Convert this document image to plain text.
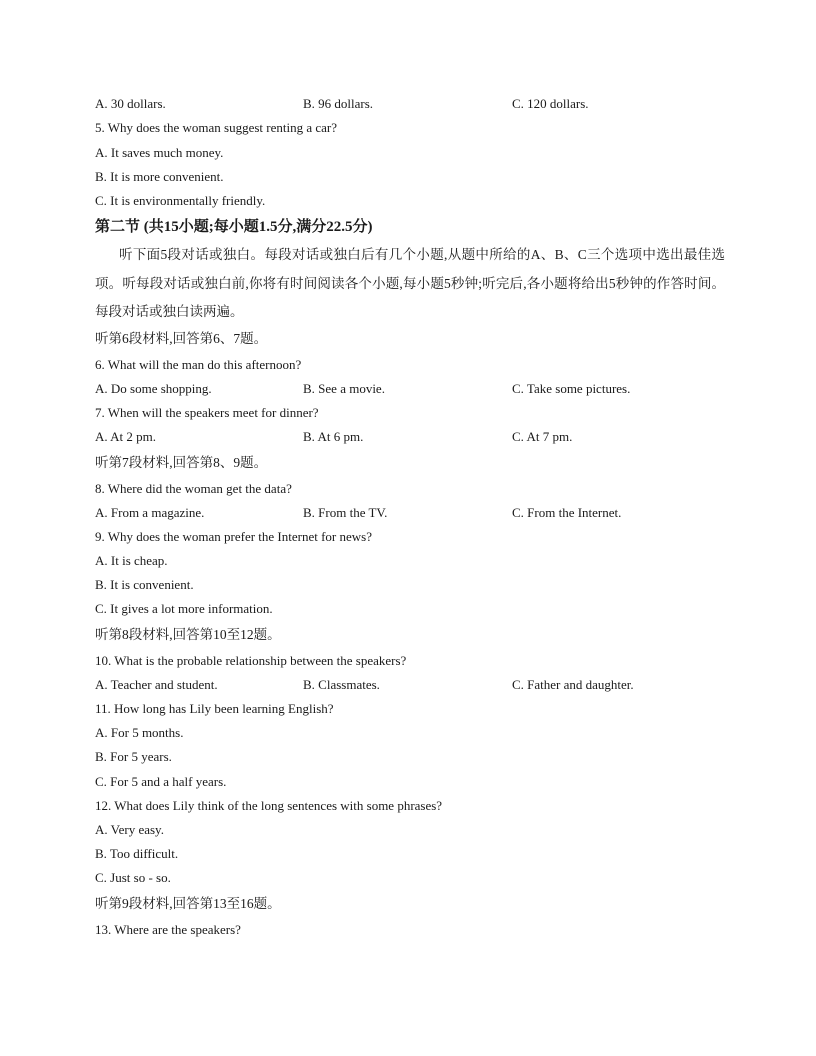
A. 30 dollars.	B. 96 dollars.	C. 120 dollars.
5. Why does the woman suggest renting a car?
A. It saves much money.
B. It is more convenient.
C. It is environmentally friendly.
第二节 (共15小题;每小题1.5分,满分22.5分)
听下面5段对话或独白。每段对话或独白后有几个小题,从题中所给的A、B、C三个选项中选出最佳选项。听每段对话或独白前,你将有时间阅读各个小题,每小题5秒钟;听完后,各小题将给出5秒钟的作答时间。每段对话或独白读两遍。
听第6段材料,回答第6、7题。
6. What will the man do this afternoon?
A. Do some shopping.	B. See a movie.	C. Take some pictures.
7. When will the speakers meet for dinner?
A. At 2 pm.	B. At 6 pm.	C. At 7 pm.
听第7段材料,回答第8、9题。
8. Where did the woman get the data?
A. From a magazine.	B. From the TV.	C. From the Internet.
9. Why does the woman prefer the Internet for news?
A. It is cheap.
B. It is convenient.
C. It gives a lot more information.
听第8段材料,回答第10至12题。
10. What is the probable relationship between the speakers?
A. Teacher and student.	B. Classmates.	C. Father and daughter.
11. How long has Lily been learning English?
A. For 5 months.
B. For 5 years.
C. For 5 and a half years.
12. What does Lily think of the long sentences with some phrases?
A. Very easy.
B. Too difficult.
C. Just so - so.
听第9段材料,回答第13至16题。
13. Where are the speakers?
